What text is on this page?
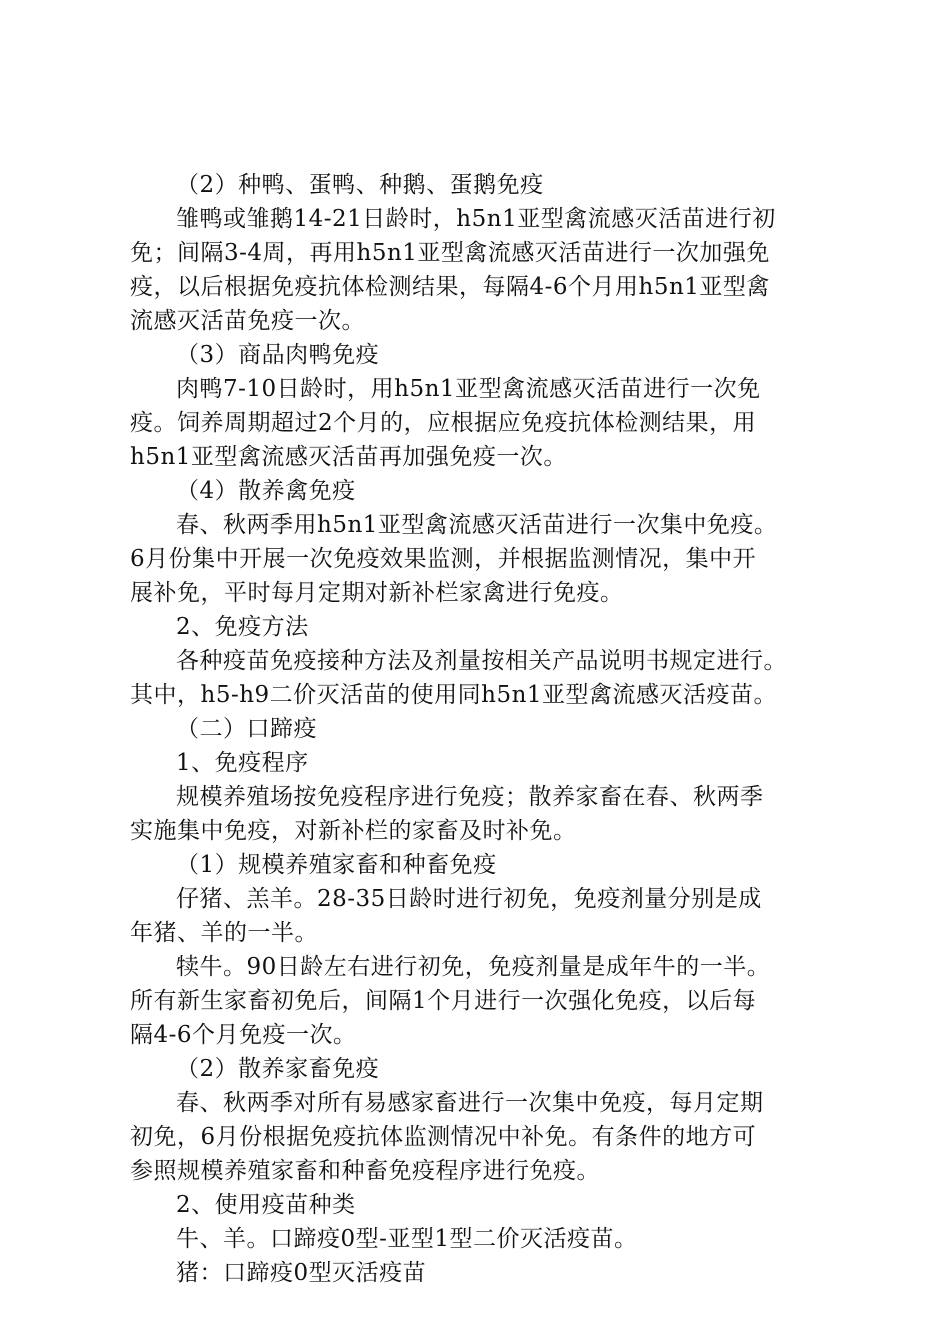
（2）种鸭、蛋鸭、种鹅、蛋鹅免疫
雏鸭或雏鹅14-21日龄时，h5n1亚型禽流感灭活苗进行初
免；间隔3-4周，再用h5n1亚型禽流感灭活苗进行一次加强免
疫，以后根据免疫抗体检测结果，每隔4-6个月用h5n1亚型禽
流感灭活苗免疫一次。
（3）商品肉鸭免疫
肉鸭7-10日龄时，用h5n1亚型禽流感灭活苗进行一次免
疫。饲养周期超过2个月的，应根据应免疫抗体检测结果，用
h5n1亚型禽流感灭活苗再加强免疫一次。
（4）散养禽免疫
春、秋两季用h5n1亚型禽流感灭活苗进行一次集中免疫。
6月份集中开展一次免疫效果监测，并根据监测情况，集中开
展补免，平时每月定期对新补栏家禽进行免疫。
2、免疫方法
各种疫苗免疫接种方法及剂量按相关产品说明书规定进行。
其中，h5-h9二价灭活苗的使用同h5n1亚型禽流感灭活疫苗。
（二）口蹄疫
1、免疫程序
规模养殖场按免疫程序进行免疫；散养家畜在春、秋两季
实施集中免疫，对新补栏的家畜及时补免。
（1）规模养殖家畜和种畜免疫
仔猪、羔羊。28-35日龄时进行初免，免疫剂量分别是成
年猪、羊的一半。
犊牛。90日龄左右进行初免，免疫剂量是成年牛的一半。
所有新生家畜初免后，间隔1个月进行一次强化免疫，以后每
隔4-6个月免疫一次。
（2）散养家畜免疫
春、秋两季对所有易感家畜进行一次集中免疫，每月定期
初免，6月份根据免疫抗体监测情况中补免。有条件的地方可
参照规模养殖家畜和种畜免疫程序进行免疫。
2、使用疫苗种类
牛、羊。口蹄疫0型-亚型1型二价灭活疫苗。
猪：口蹄疫0型灭活疫苗
